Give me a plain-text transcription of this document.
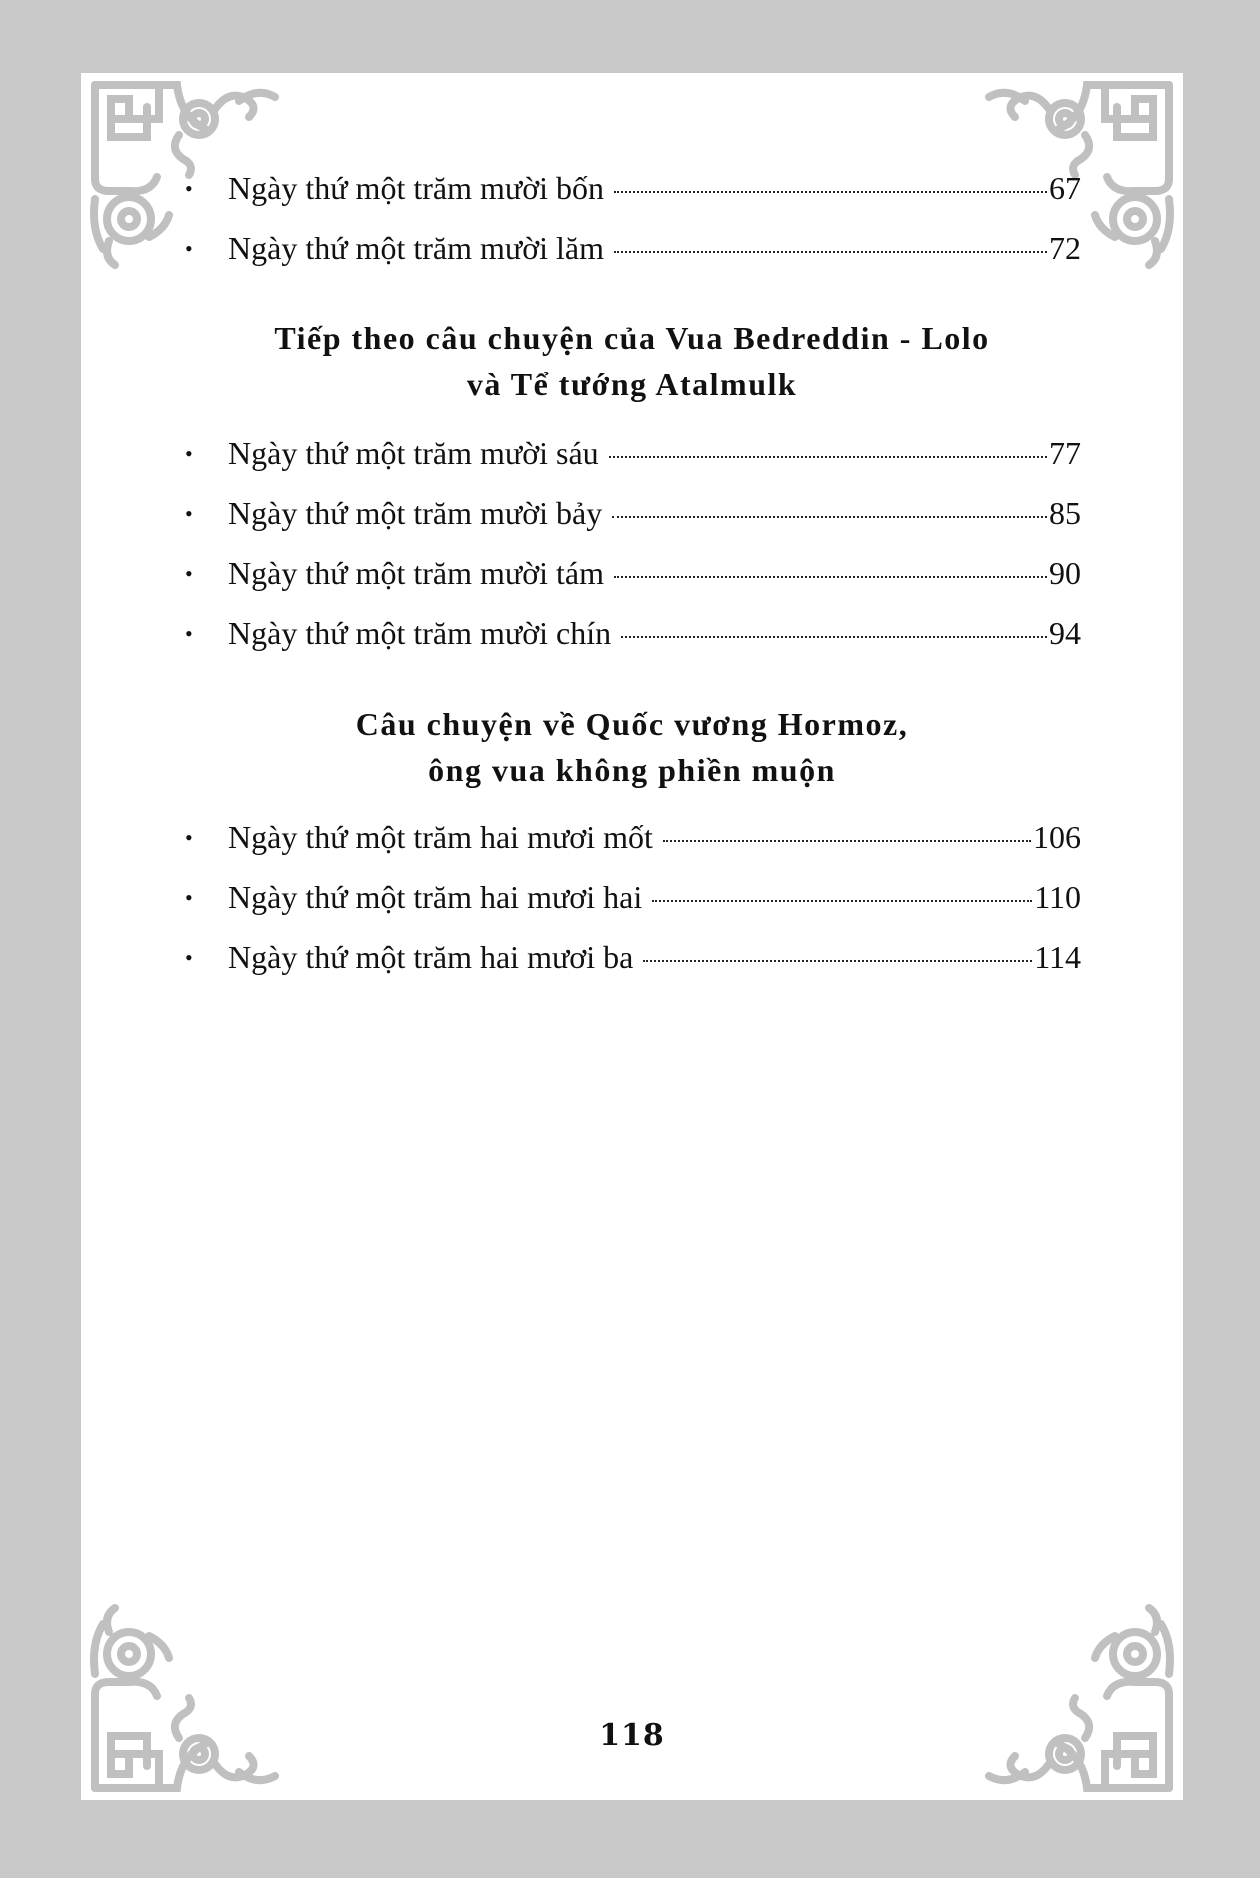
•	Ngày thứ một trăm mười bốn	67
•	Ngày thứ một trăm mười lăm	72
Tiếp theo câu chuyện của Vua Bedreddin - Lolo
và Tể tướng Atalmulk
•	Ngày thứ một trăm mười sáu	77
•	Ngày thứ một trăm mười bảy	85
•	Ngày thứ một trăm mười tám	90
•	Ngày thứ một trăm mười chín	94
Câu chuyện về Quốc vương Hormoz,
ông vua không phiền muộn
•	Ngày thứ một trăm hai mươi mốt	106
•	Ngày thứ một trăm hai mươi hai	110
•	Ngày thứ một trăm hai mươi ba	114
118
